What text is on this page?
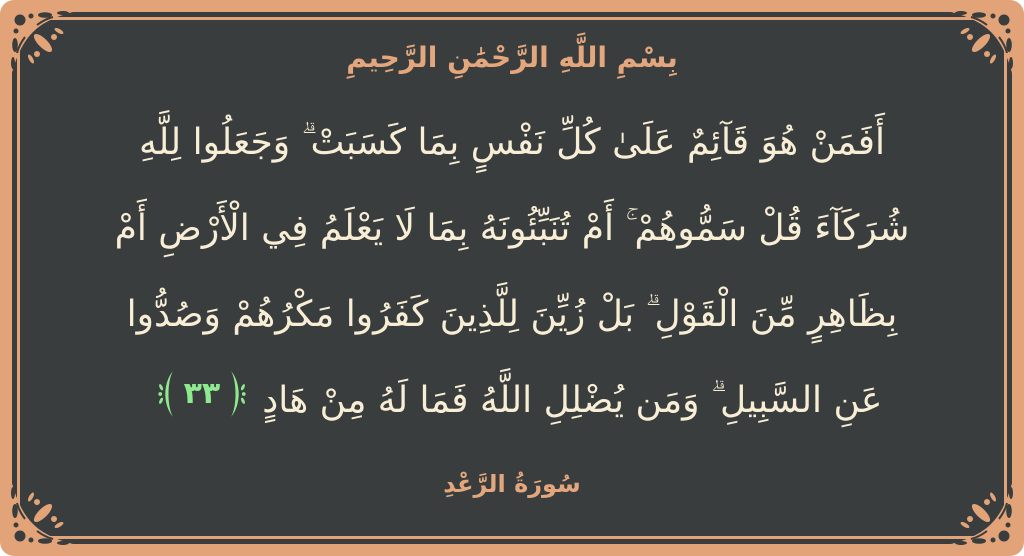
بِسْمِ اللَّهِ الرَّحْمَٰنِ الرَّحِيمِ
أَفَمَنْ هُوَ قَآئِمٌ عَلَىٰ كُلِّ نَفْسٍ بِمَا كَسَبَتْ ۗ وَجَعَلُوا لِلَّهِ
شُرَكَآءَ قُلْ سَمُّوهُمْ ۚ أَمْ تُنَبِّئُونَهُ بِمَا لَا يَعْلَمُ فِي الْأَرْضِ أَمْ
بِظَاهِرٍ مِّنَ الْقَوْلِ ۗ بَلْ زُيِّنَ لِلَّذِينَ كَفَرُوا مَكْرُهُمْ وَصُدُّوا
عَنِ السَّبِيلِ ۗ وَمَن يُضْلِلِ اللَّهُ فَمَا لَهُ مِنْ هَادٍ
٣٣
سُورَةُ الرَّعْدِ
